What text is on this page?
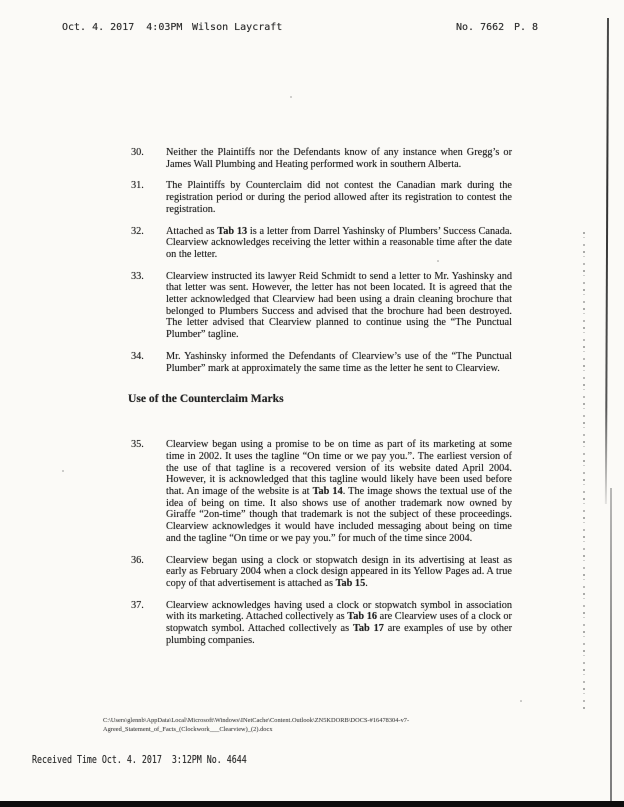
Oct. 4. 2017  4:03PM Wilson Laycraft	No. 7662 P. 8
30.	Neither the Plaintiffs nor the Defendants know of any instance when Gregg’s or James Wall Plumbing and Heating performed work in southern Alberta.
31.	The Plaintiffs by Counterclaim did not contest the Canadian mark during the registration period or during the period allowed after its registration to contest the registration.
32.	Attached as Tab 13 is a letter from Darrel Yashinsky of Plumbers’ Success Canada. Clearview acknowledges receiving the letter within a reasonable time after the date on the letter.
33.	Clearview instructed its lawyer Reid Schmidt to send a letter to Mr. Yashinsky and that letter was sent. However, the letter has not been located. It is agreed that the letter acknowledged that Clearview had been using a drain cleaning brochure that belonged to Plumbers Success and advised that the brochure had been destroyed. The letter advised that Clearview planned to continue using the “The Punctual Plumber” tagline.
34.	Mr. Yashinsky informed the Defendants of Clearview’s use of the “The Punctual Plumber” mark at approximately the same time as the letter he sent to Clearview.
Use of the Counterclaim Marks
35.	Clearview began using a promise to be on time as part of its marketing at some time in 2002. It uses the tagline “On time or we pay you.”. The earliest version of the use of that tagline is a recovered version of its website dated April 2004. However, it is acknowledged that this tagline would likely have been used before that. An image of the website is at Tab 14. The image shows the textual use of the idea of being on time. It also shows use of another trademark now owned by Giraffe “2on-time” though that trademark is not the subject of these proceedings. Clearview acknowledges it would have included messaging about being on time and the tagline “On time or we pay you.” for much of the time since 2004.
36.	Clearview began using a clock or stopwatch design in its advertising at least as early as February 2004 when a clock design appeared in its Yellow Pages ad. A true copy of that advertisement is attached as Tab 15.
37.	Clearview acknowledges having used a clock or stopwatch symbol in association with its marketing. Attached collectively as Tab 16 are Clearview uses of a clock or stopwatch symbol. Attached collectively as Tab 17 are examples of use by other plumbing companies.
C:\Users\glennb\AppData\Local\Microsoft\Windows\INetCache\Content.Outlook\ZN5KDORB\DOCS-#16478304-v7-
Agreed_Statement_of_Facts_(Clockwork___Clearview)_(2).docx
Received Time Oct. 4. 2017  3:12PM No. 4644
